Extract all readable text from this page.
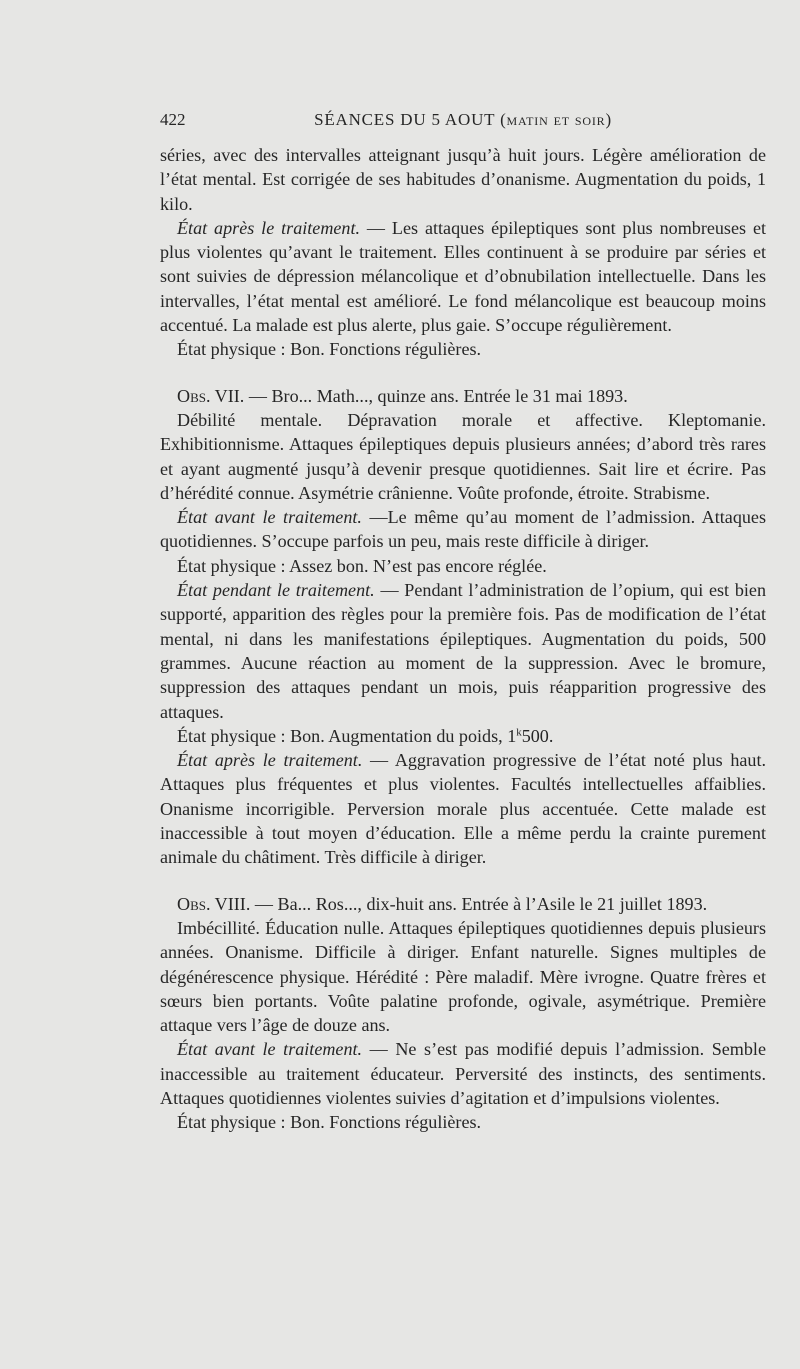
422	SÉANCES DU 5 AOUT (matin et soir)

séries, avec des intervalles atteignant jusqu’à huit jours. Légère amélioration de l’état mental. Est corrigée de ses habitudes d’onanisme. Augmentation du poids, 1 kilo.

État après le traitement. — Les attaques épileptiques sont plus nombreuses et plus violentes qu’avant le traitement. Elles continuent à se produire par séries et sont suivies de dépression mélancolique et d’obnubilation intellectuelle. Dans les intervalles, l’état mental est amélioré. Le fond mélancolique est beaucoup moins accentué. La malade est plus alerte, plus gaie. S’occupe régulièrement.

État physique : Bon. Fonctions régulières.

Obs. VII. — Bro... Math..., quinze ans. Entrée le 31 mai 1893.

Débilité mentale. Dépravation morale et affective. Kleptomanie. Exhibitionnisme. Attaques épileptiques depuis plusieurs années; d’abord très rares et ayant augmenté jusqu’à devenir presque quotidiennes. Sait lire et écrire. Pas d’hérédité connue. Asymétrie crânienne. Voûte profonde, étroite. Strabisme.

État avant le traitement. —Le même qu’au moment de l’admission. Attaques quotidiennes. S’occupe parfois un peu, mais reste difficile à diriger.

État physique : Assez bon. N’est pas encore réglée.

État pendant le traitement. — Pendant l’administration de l’opium, qui est bien supporté, apparition des règles pour la première fois. Pas de modification de l’état mental, ni dans les manifestations épileptiques. Augmentation du poids, 500 grammes. Aucune réaction au moment de la suppression. Avec le bromure, suppression des attaques pendant un mois, puis réapparition progressive des attaques.

État physique : Bon. Augmentation du poids, 1$^k$500.

État après le traitement. — Aggravation progressive de l’état noté plus haut. Attaques plus fréquentes et plus violentes. Facultés intellectuelles affaiblies. Onanisme incorrigible. Perversion morale plus accentuée. Cette malade est inaccessible à tout moyen d’éducation. Elle a même perdu la crainte purement animale du châtiment. Très difficile à diriger.

Obs. VIII. — Ba... Ros..., dix-huit ans. Entrée à l’Asile le 21 juillet 1893.

Imbécillité. Éducation nulle. Attaques épileptiques quotidiennes depuis plusieurs années. Onanisme. Difficile à diriger. Enfant naturelle. Signes multiples de dégénérescence physique. Hérédité : Père maladif. Mère ivrogne. Quatre frères et sœurs bien portants. Voûte palatine profonde, ogivale, asymétrique. Première attaque vers l’âge de douze ans.

État avant le traitement. — Ne s’est pas modifié depuis l’admission. Semble inaccessible au traitement éducateur. Perversité des instincts, des sentiments. Attaques quotidiennes violentes suivies d’agitation et d’impulsions violentes.

État physique : Bon. Fonctions régulières.
